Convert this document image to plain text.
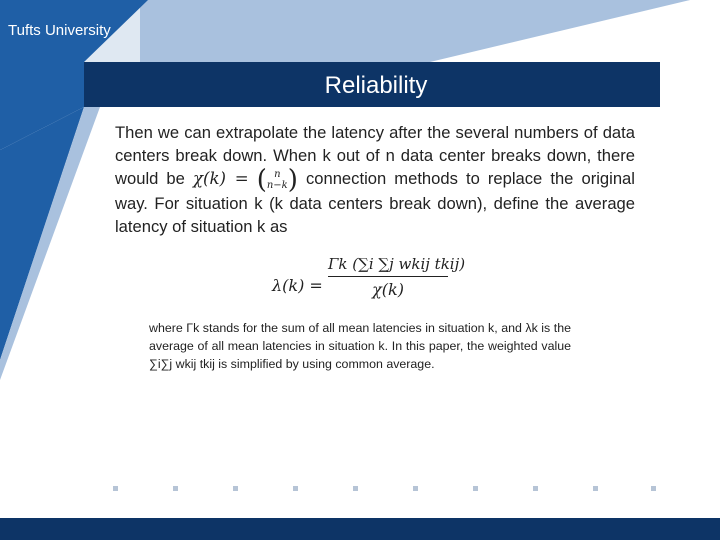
Tufts University
Reliability

Then we can extrapolate the latency after the several numbers of data centers break down. When k out of n data center breaks down, there would be χ(k) = ( n
n−k) connection methods to replace the original way. For situation k (k data centers break down), define the average latency of situation k as

λ(k) =
Γk (∑i ∑j wkij tkij)
χ(k)

where Γk stands for the sum of all mean latencies in situation k, and λk is the average of all mean latencies in situation k. In this paper, the weighted value ∑i∑j wkij tkij is simplified by using common average.
